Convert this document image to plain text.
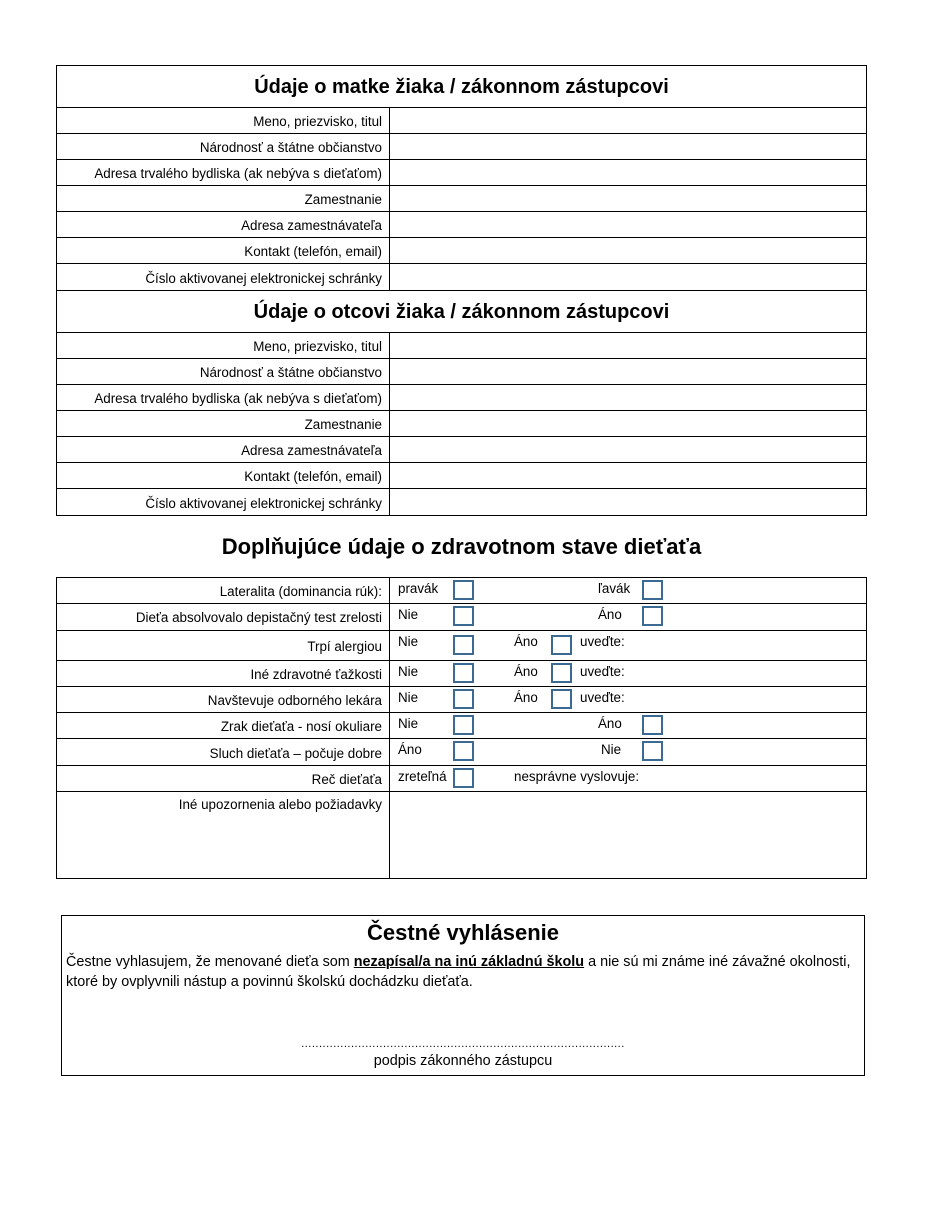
Údaje o matke žiaka / zákonnom zástupcovi
Meno, priezvisko, titul
Národnosť a štátne občianstvo
Adresa trvalého bydliska (ak nebýva s dieťaťom)
Zamestnanie
Adresa zamestnávateľa
Kontakt (telefón, email)
Číslo aktivovanej elektronickej schránky
Údaje o otcovi žiaka / zákonnom zástupcovi
Meno, priezvisko, titul
Národnosť a štátne občianstvo
Adresa trvalého bydliska (ak nebýva s dieťaťom)
Zamestnanie
Adresa zamestnávateľa
Kontakt (telefón, email)
Číslo aktivovanej elektronickej schránky
Doplňujúce údaje o zdravotnom stave dieťaťa
Lateralita (dominancia rúk):	pravák	ľavák
Dieťa absolvovalo depistačný test zrelosti	Nie	Áno
Trpí alergiou	Nie	Áno	uveďte:
Iné zdravotné ťažkosti	Nie	Áno	uveďte:
Navštevuje odborného lekára	Nie	Áno	uveďte:
Zrak dieťaťa - nosí okuliare	Nie	Áno
Sluch dieťaťa – počuje dobre	Áno	Nie
Reč dieťaťa	zreteľná	nesprávne vyslovuje:
Iné upozornenia alebo požiadavky
Čestné vyhlásenie
Čestne vyhlasujem, že menované dieťa som nezapísal/a na inú základnú školu a nie sú mi známe iné závažné okolnosti, ktoré by ovplyvnili nástup a povinnú školskú dochádzku dieťaťa.
...........................................................................................
podpis zákonného zástupcu
